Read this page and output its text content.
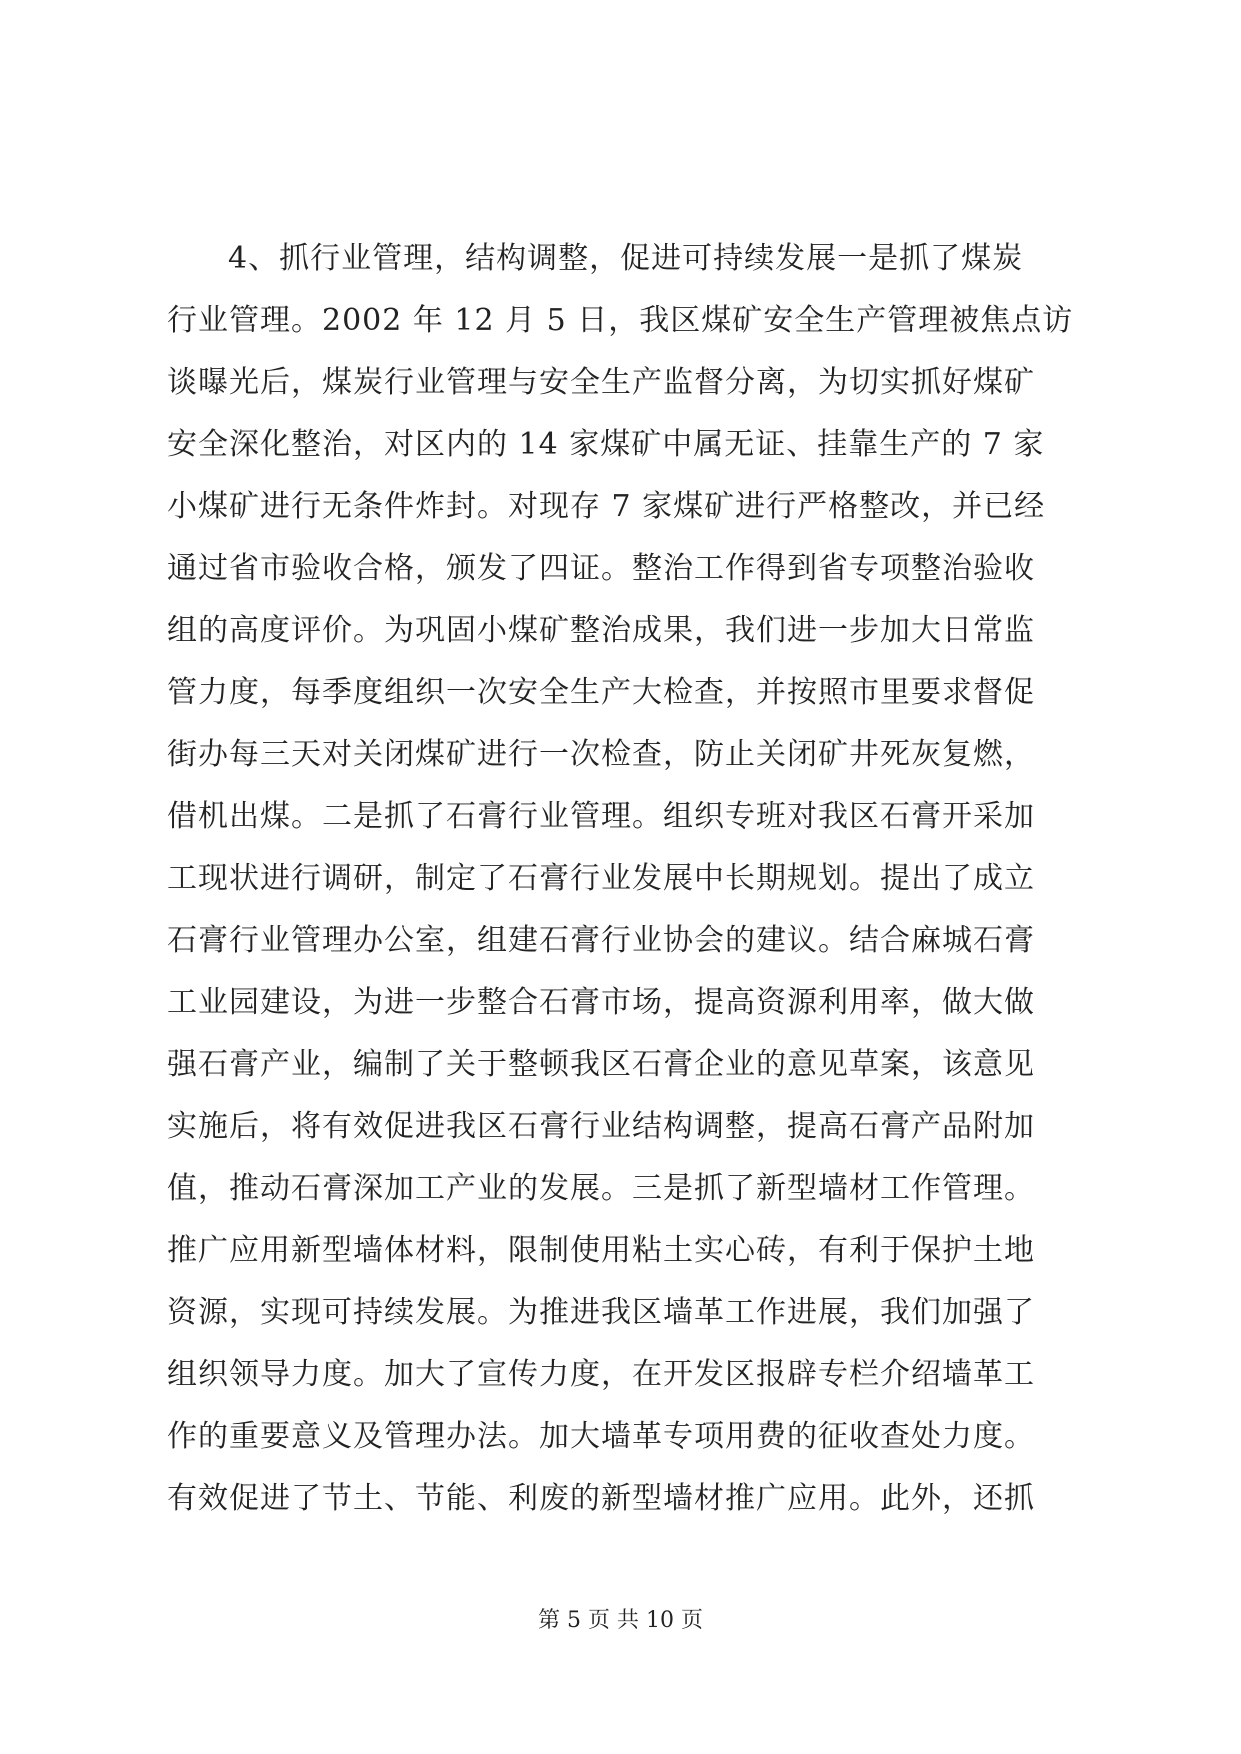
4、抓行业管理，结构调整，促进可持续发展一是抓了煤炭
行业管理。2002 年 12 月 5 日，我区煤矿安全生产管理被焦点访
谈曝光后，煤炭行业管理与安全生产监督分离，为切实抓好煤矿
安全深化整治，对区内的 14 家煤矿中属无证、挂靠生产的 7 家
小煤矿进行无条件炸封。对现存 7 家煤矿进行严格整改，并已经
通过省市验收合格，颁发了四证。整治工作得到省专项整治验收
组的高度评价。为巩固小煤矿整治成果，我们进一步加大日常监
管力度，每季度组织一次安全生产大检查，并按照市里要求督促
街办每三天对关闭煤矿进行一次检查，防止关闭矿井死灰复燃，
借机出煤。二是抓了石膏行业管理。组织专班对我区石膏开采加
工现状进行调研，制定了石膏行业发展中长期规划。提出了成立
石膏行业管理办公室，组建石膏行业协会的建议。结合麻城石膏
工业园建设，为进一步整合石膏市场，提高资源利用率，做大做
强石膏产业，编制了关于整顿我区石膏企业的意见草案，该意见
实施后，将有效促进我区石膏行业结构调整，提高石膏产品附加
值，推动石膏深加工产业的发展。三是抓了新型墙材工作管理。
推广应用新型墙体材料，限制使用粘土实心砖，有利于保护土地
资源，实现可持续发展。为推进我区墙革工作进展，我们加强了
组织领导力度。加大了宣传力度，在开发区报辟专栏介绍墙革工
作的重要意义及管理办法。加大墙革专项用费的征收查处力度。
有效促进了节土、节能、利废的新型墙材推广应用。此外，还抓
第 5 页 共 10 页
